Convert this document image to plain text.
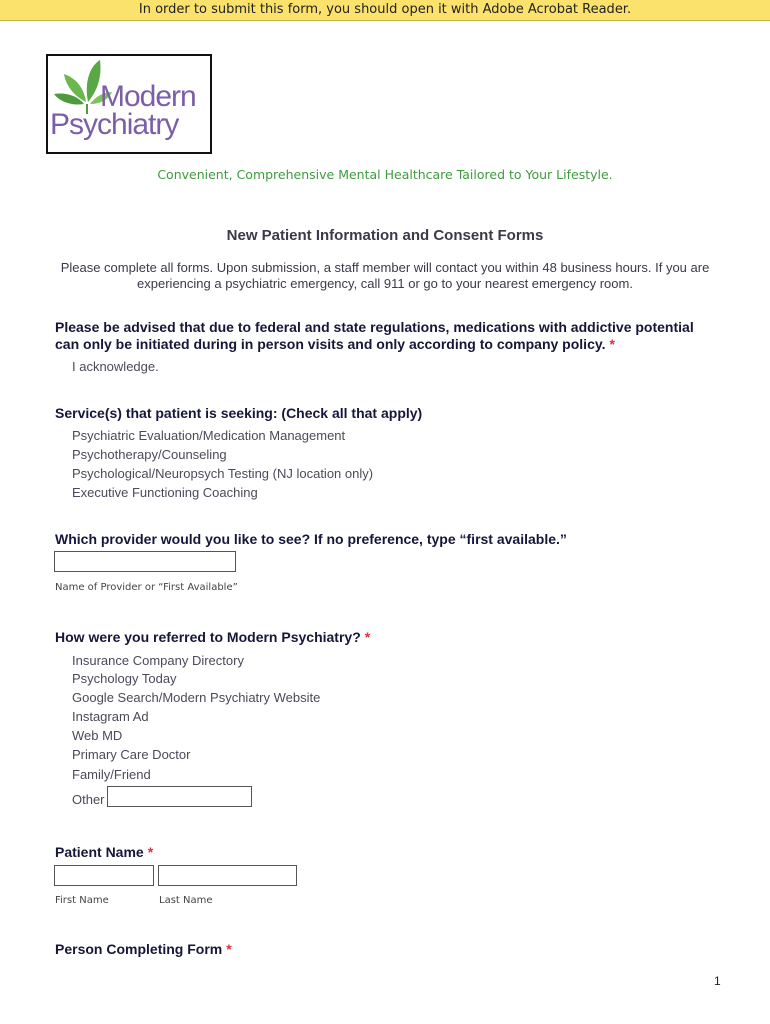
In order to submit this form, you should open it with Adobe Acrobat Reader.
Modern
Psychiatry
Convenient, Comprehensive Mental Healthcare Tailored to Your Lifestyle.
New Patient Information and Consent Forms
Please complete all forms. Upon submission, a staff member will contact you within 48 business hours. If you are experiencing a psychiatric emergency, call 911 or go to your nearest emergency room.
Please be advised that due to federal and state regulations, medications with addictive potential can only be initiated during in person visits and only according to company policy. *
I acknowledge.
Service(s) that patient is seeking: (Check all that apply)
Psychiatric Evaluation/Medication Management
Psychotherapy/Counseling
Psychological/Neuropsych Testing (NJ location only)
Executive Functioning Coaching
Which provider would you like to see? If no preference, type “first available.”
Name of Provider or “First Available”
How were you referred to Modern Psychiatry? *
Insurance Company Directory
Psychology Today
Google Search/Modern Psychiatry Website
Instagram Ad
Web MD
Primary Care Doctor
Family/Friend
Other
Patient Name *
First Name	Last Name
Person Completing Form *
1
